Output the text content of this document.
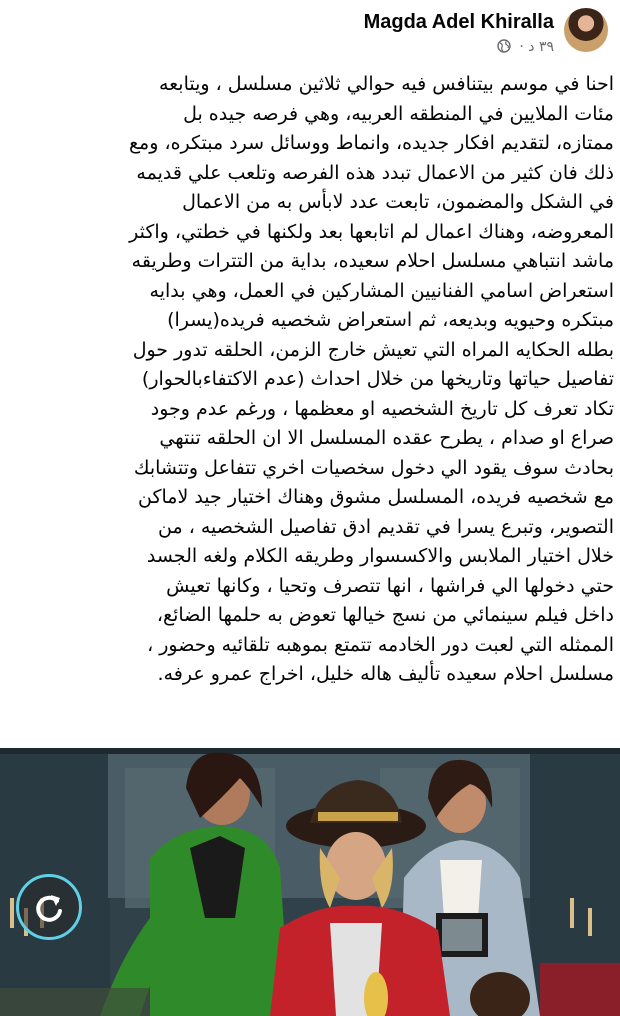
Magda Adel Khiralla
٣٩ د ·
احنا في موسم بيتنافس فيه حوالي ثلاثين مسلسل ، ويتابعه
مئات الملايين في المنطقه العربيه، وهي فرصه جيده بل
ممتازه، لتقديم افكار جديده، وانماط ووسائل سرد مبتكره، ومع
ذلك فان كثير من الاعمال تبدد هذه الفرصه وتلعب علي قديمه
في الشكل والمضمون، تابعت عدد لابأس به من الاعمال
المعروضه، وهناك اعمال لم اتابعها بعد ولكنها في خطتي، واكثر
ماشد انتباهي مسلسل احلام سعيده، بداية من التترات وطريقه
استعراض اسامي الفنانيين المشاركين في العمل، وهي بدايه
مبتكره وحيويه وبديعه، ثم استعراض شخصيه فريده(يسرا)
بطله الحكايه المراه التي تعيش خارج الزمن، الحلقه تدور حول
تفاصيل حياتها وتاريخها من خلال احداث (عدم الاكتفاءبالحوار)
تكاد تعرف كل تاريخ الشخصيه او معظمها ، ورغم عدم وجود
صراع او صدام ، يطرح عقده المسلسل الا ان الحلقه تنتهي
بحادث سوف يقود الي دخول سخصيات اخري تتفاعل وتتشابك
مع شخصيه فريده، المسلسل مشوق وهناك اختيار جيد لاماكن
التصوير، وتبرع يسرا في تقديم ادق تفاصيل الشخصيه ، من
خلال اختيار الملابس والاكسسوار وطريقه الكلام ولغه الجسد
حتي دخولها الي فراشها ، انها تتصرف وتحيا ، وكانها تعيش
داخل فيلم سينمائي من نسج خيالها تعوض به حلمها الضائع،
الممثله التي لعبت دور الخادمه تتمتع بموهبه تلقائيه وحضور ،
مسلسل احلام سعيده تأليف هاله خليل، اخراج عمرو عرفه.
